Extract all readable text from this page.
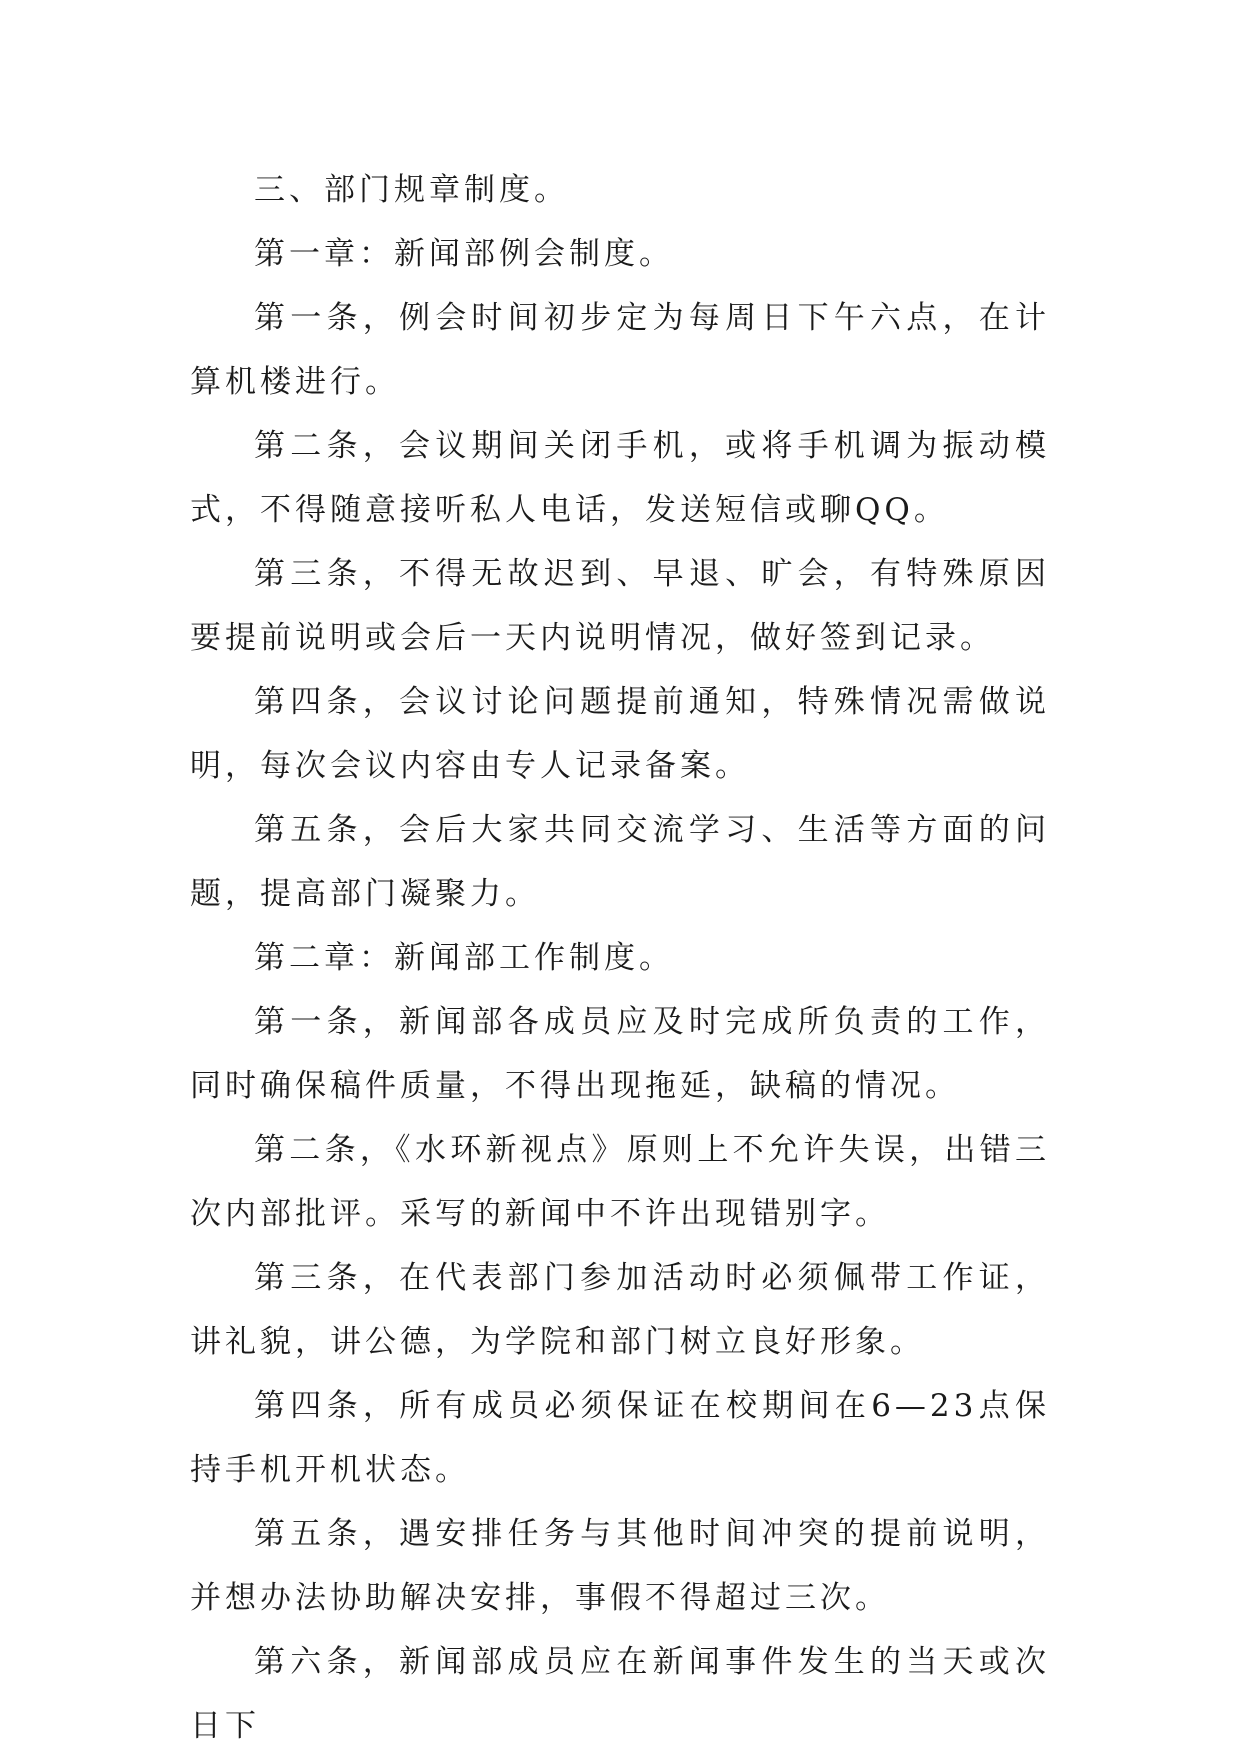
三、部门规章制度。

第一章：新闻部例会制度。

第一条，例会时间初步定为每周日下午六点，在计算机楼进行。

第二条，会议期间关闭手机，或将手机调为振动模式，不得随意接听私人电话，发送短信或聊QQ。

第三条，不得无故迟到、早退、旷会，有特殊原因要提前说明或会后一天内说明情况，做好签到记录。

第四条，会议讨论问题提前通知，特殊情况需做说明，每次会议内容由专人记录备案。

第五条，会后大家共同交流学习、生活等方面的问题，提高部门凝聚力。

第二章：新闻部工作制度。

第一条，新闻部各成员应及时完成所负责的工作，同时确保稿件质量，不得出现拖延，缺稿的情况。

第二条，《水环新视点》原则上不允许失误，出错三次内部批评。采写的新闻中不许出现错别字。

第三条，在代表部门参加活动时必须佩带工作证，讲礼貌，讲公德，为学院和部门树立良好形象。

第四条，所有成员必须保证在校期间在6—23点保持手机开机状态。

第五条，遇安排任务与其他时间冲突的提前说明，并想办法协助解决安排，事假不得超过三次。

第六条，新闻部成员应在新闻事件发生的当天或次日下
